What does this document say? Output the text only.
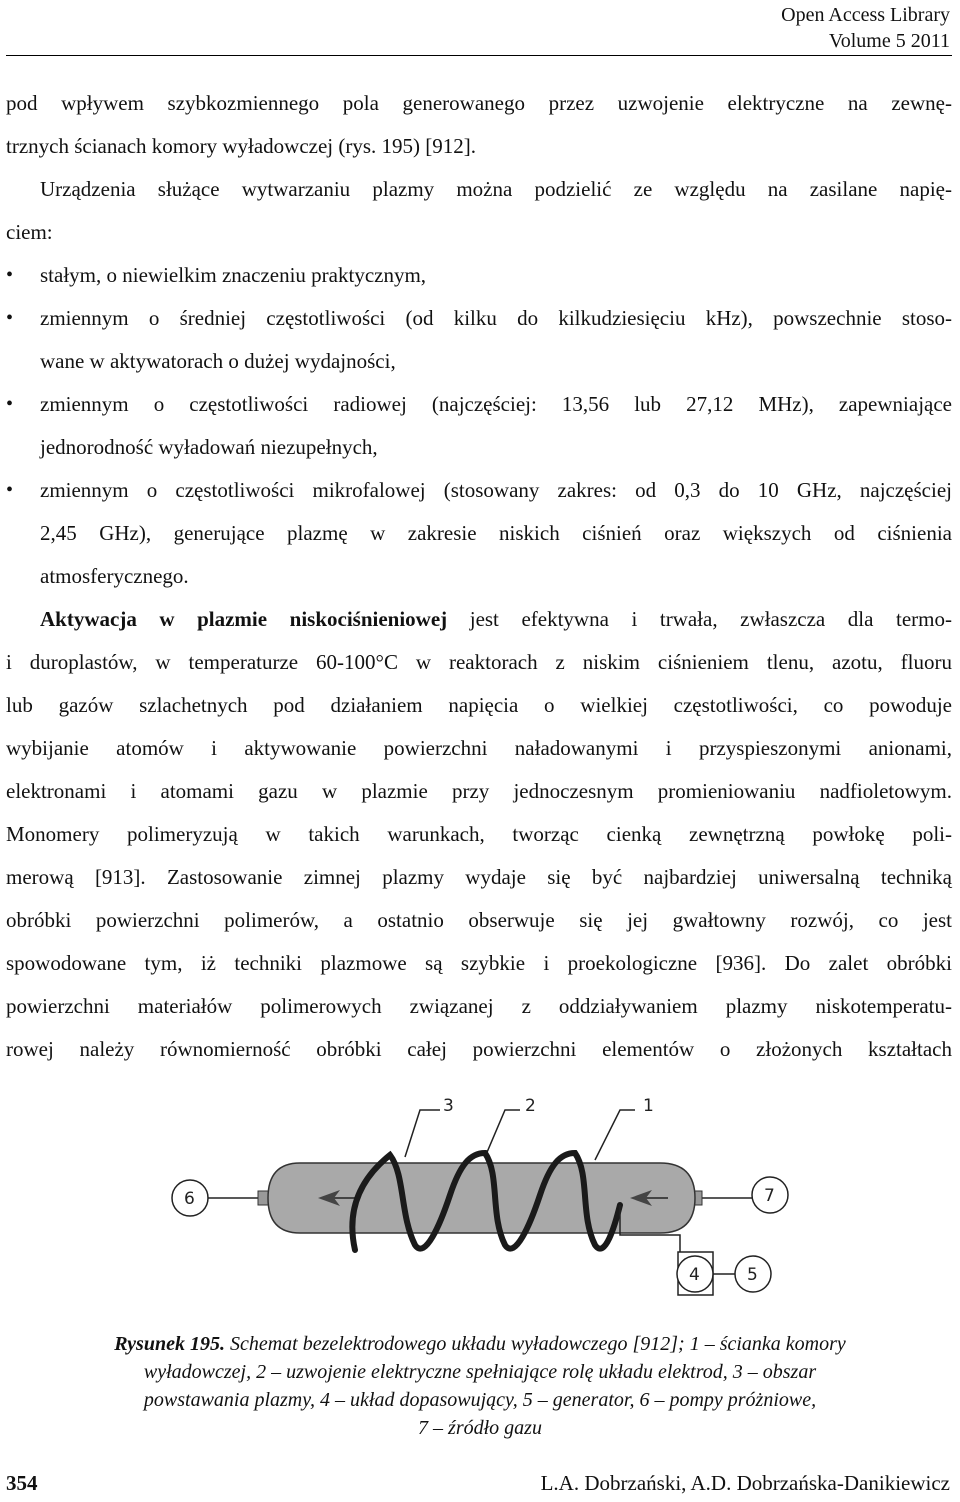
Open Access Library
Volume 5 2011
pod wpływem szybkozmiennego pola generowanego przez uzwojenie elektryczne na zewnę-
trznych ścianach komory wyładowczej (rys. 195) [912].
Urządzenia służące wytwarzaniu plazmy można podzielić ze względu na zasilane napię-
ciem:
• stałym, o niewielkim znaczeniu praktycznym,
• zmiennym o średniej częstotliwości (od kilku do kilkudziesięciu kHz), powszechnie stoso-
wane w aktywatorach o dużej wydajności,
• zmiennym o częstotliwości radiowej (najczęściej: 13,56 lub 27,12 MHz), zapewniające
jednorodność wyładowań niezupełnych,
• zmiennym o częstotliwości mikrofalowej (stosowany zakres: od 0,3 do 10 GHz, najczęściej
2,45 GHz), generujące plazmę w zakresie niskich ciśnień oraz większych od ciśnienia
atmosferycznego.
Aktywacja w plazmie niskociśnieniowej jest efektywna i trwała, zwłaszcza dla termo-
i duroplastów, w temperaturze 60-100°C w reaktorach z niskim ciśnieniem tlenu, azotu, fluoru
lub gazów szlachetnych pod działaniem napięcia o wielkiej częstotliwości, co powoduje
wybijanie atomów i aktywowanie powierzchni naładowanymi i przyspieszonymi anionami,
elektronami i atomami gazu w plazmie przy jednoczesnym promieniowaniu nadfioletowym.
Monomery polimeryzują w takich warunkach, tworząc cienką zewnętrzną powłokę poli-
merową [913]. Zastosowanie zimnej plazmy wydaje się być najbardziej uniwersalną techniką
obróbki powierzchni polimerów, a ostatnio obserwuje się jej gwałtowny rozwój, co jest
spowodowane tym, iż techniki plazmowe są szybkie i proekologiczne [936]. Do zalet obróbki
powierzchni materiałów polimerowych związanej z oddziaływaniem plazmy niskotemperatu-
rowej należy równomierność obróbki całej powierzchni elementów o złożonych kształtach
3	2	1
6	7
4	5
Rysunek 195. Schemat bezelektrodowego układu wyładowczego [912]; 1 – ścianka komory
wyładowczej, 2 – uzwojenie elektryczne spełniające rolę układu elektrod, 3 – obszar
powstawania plazmy, 4 – układ dopasowujący, 5 – generator, 6 – pompy próżniowe,
7 – źródło gazu
354	L.A. Dobrzański, A.D. Dobrzańska-Danikiewicz
